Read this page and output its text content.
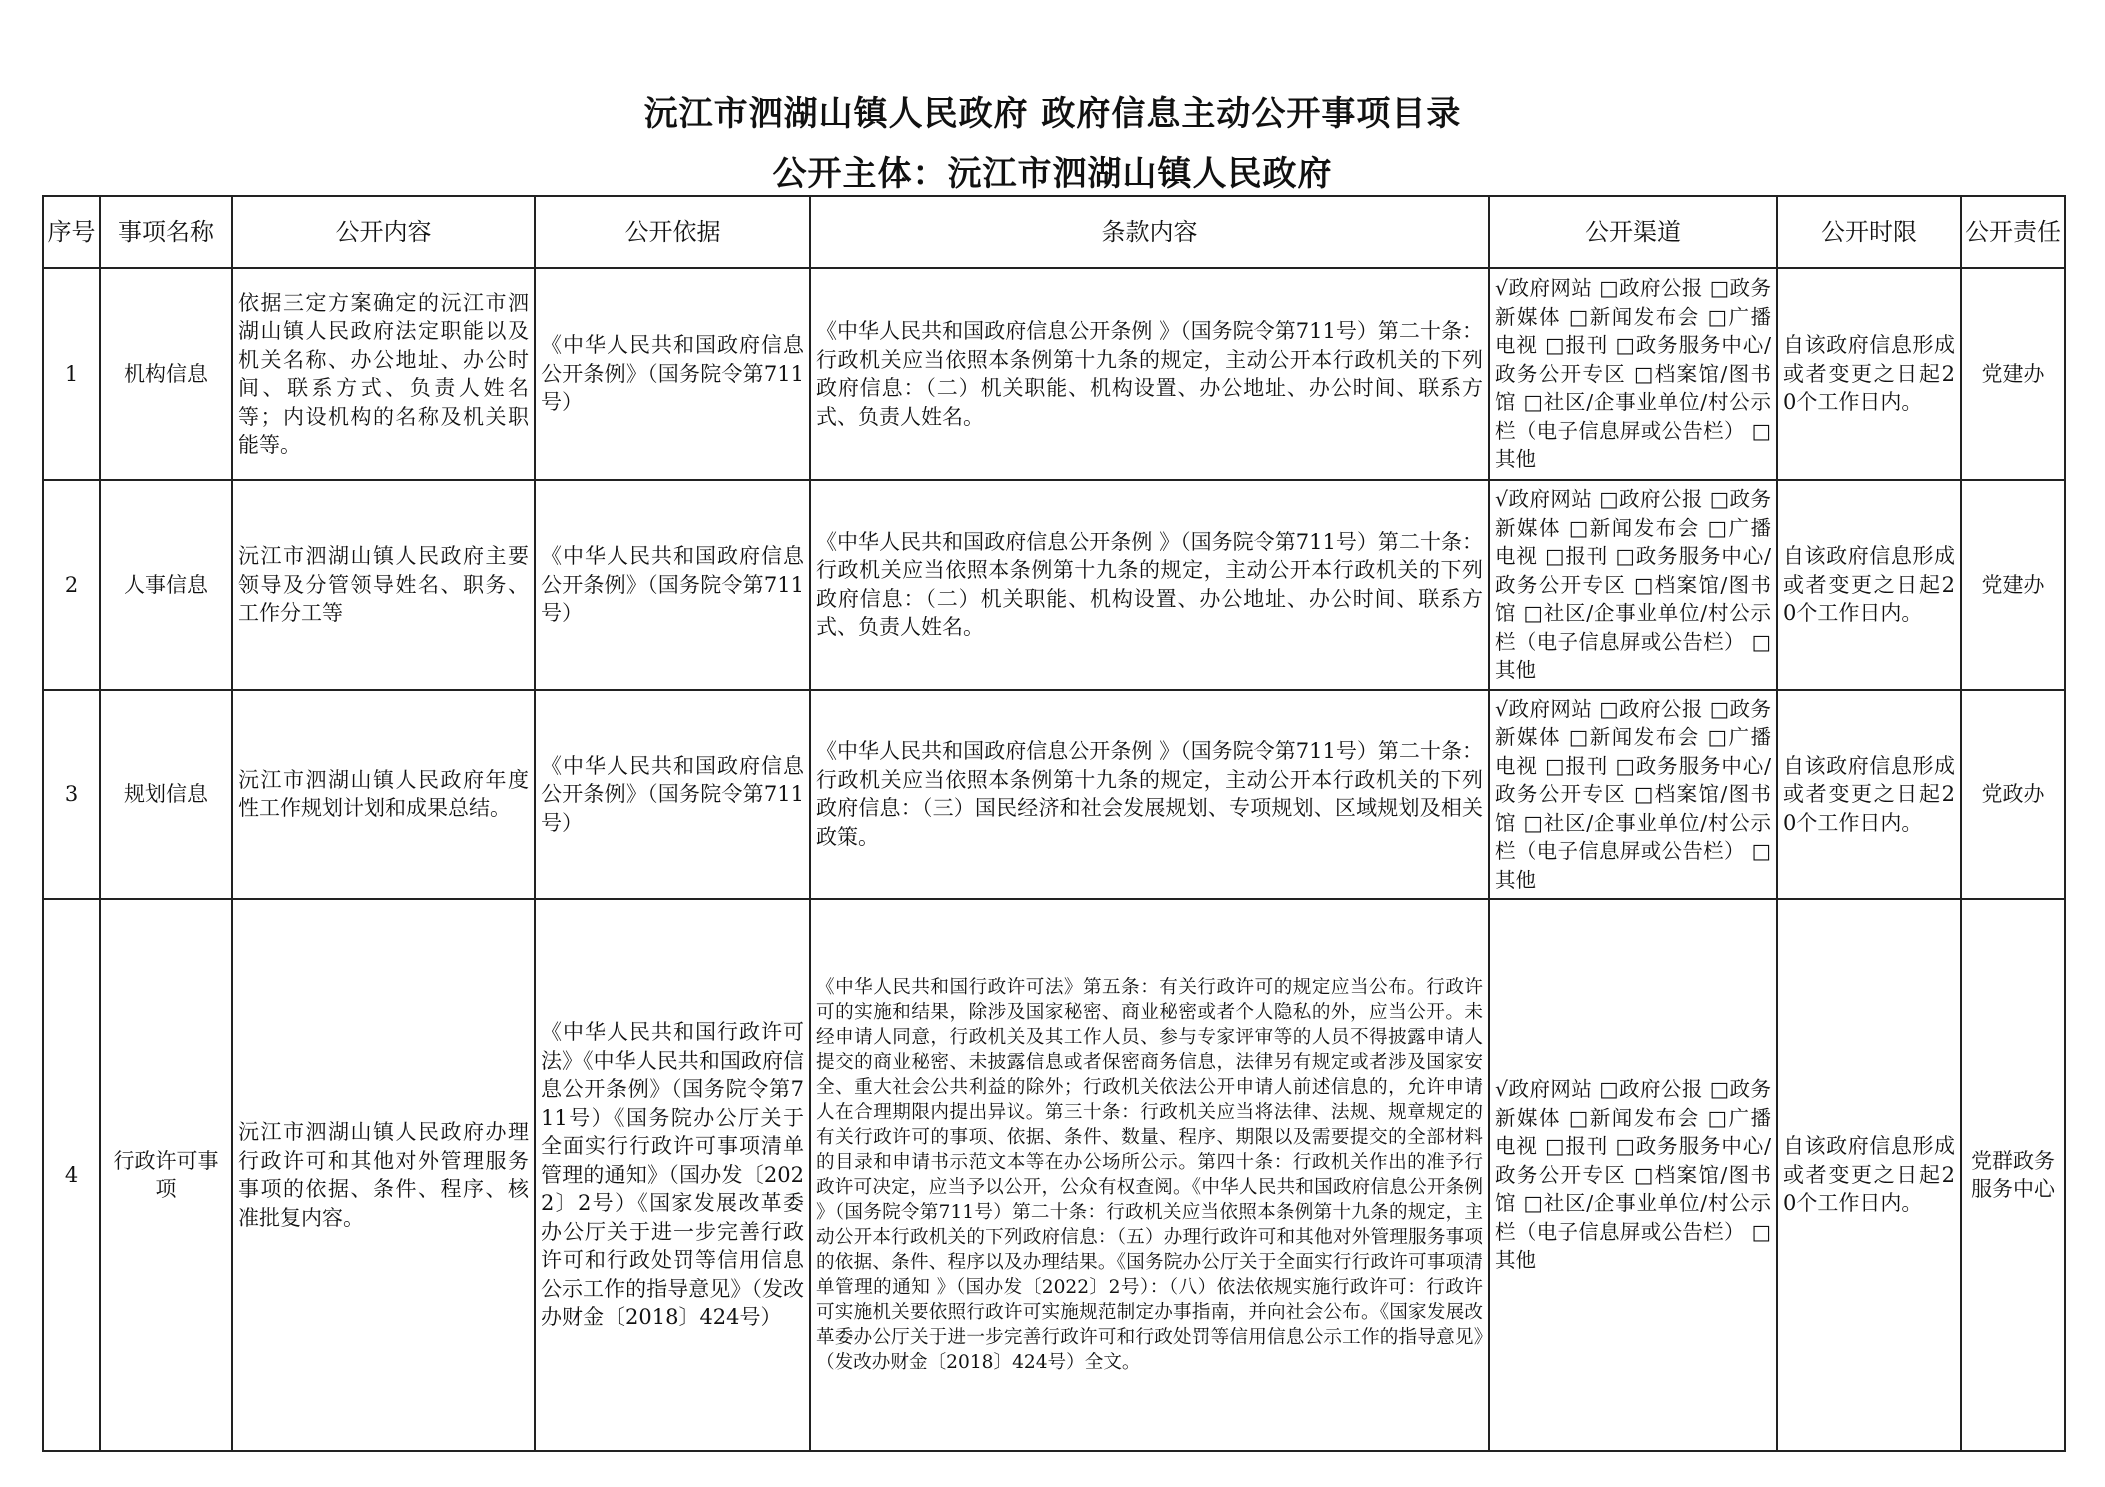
沅江市泗湖山镇人民政府 政府信息主动公开事项目录
公开主体：沅江市泗湖山镇人民政府
序号	事项名称	公开内容	公开依据	条款内容	公开渠道	公开时限	公开责任
1	机构信息	依据三定方案确定的沅江市泗湖山镇人民政府法定职能以及机关名称、办公地址、办公时间、联系方式、负责人姓名等；内设机构的名称及机关职能等。	《中华人民共和国政府信息公开条例》（国务院令第711号）	《中华人民共和国政府信息公开条例 》（国务院令第711号）第二十条：行政机关应当依照本条例第十九条的规定，主动公开本行政机关的下列政府信息：（二）机关职能、机构设置、办公地址、办公时间、联系方式、负责人姓名。	√政府网站 □政府公报 □政务新媒体 □新闻发布会 □广播电视 □报刊 □政务服务中心/政务公开专区 □档案馆/图书馆 □社区/企事业单位/村公示栏（电子信息屏或公告栏） □其他	自该政府信息形成或者变更之日起20个工作日内。	党建办
2	人事信息	沅江市泗湖山镇人民政府主要领导及分管领导姓名、职务、工作分工等	《中华人民共和国政府信息公开条例》（国务院令第711号）	《中华人民共和国政府信息公开条例 》（国务院令第711号）第二十条：行政机关应当依照本条例第十九条的规定，主动公开本行政机关的下列政府信息：（二）机关职能、机构设置、办公地址、办公时间、联系方式、负责人姓名。	√政府网站 □政府公报 □政务新媒体 □新闻发布会 □广播电视 □报刊 □政务服务中心/政务公开专区 □档案馆/图书馆 □社区/企事业单位/村公示栏（电子信息屏或公告栏） □其他	自该政府信息形成或者变更之日起20个工作日内。	党建办
3	规划信息	沅江市泗湖山镇人民政府年度性工作规划计划和成果总结。	《中华人民共和国政府信息公开条例》（国务院令第711号）	《中华人民共和国政府信息公开条例 》（国务院令第711号）第二十条：行政机关应当依照本条例第十九条的规定，主动公开本行政机关的下列政府信息：（三）国民经济和社会发展规划、专项规划、区域规划及相关政策。	√政府网站 □政府公报 □政务新媒体 □新闻发布会 □广播电视 □报刊 □政务服务中心/政务公开专区 □档案馆/图书馆 □社区/企事业单位/村公示栏（电子信息屏或公告栏） □其他	自该政府信息形成或者变更之日起20个工作日内。	党政办
4	行政许可事项	沅江市泗湖山镇人民政府办理行政许可和其他对外管理服务事项的依据、条件、程序、核准批复内容。	《中华人民共和国行政许可法》《中华人民共和国政府信息公开条例》（国务院令第711号）《国务院办公厅关于全面实行行政许可事项清单管理的通知》（国办发〔2022〕2号）《国家发展改革委办公厅关于进一步完善行政许可和行政处罚等信用信息公示工作的指导意见》（发改办财金〔2018〕424号）	《中华人民共和国行政许可法》第五条：有关行政许可的规定应当公布。行政许可的实施和结果，除涉及国家秘密、商业秘密或者个人隐私的外，应当公开。未经申请人同意，行政机关及其工作人员、参与专家评审等的人员不得披露申请人提交的商业秘密、未披露信息或者保密商务信息，法律另有规定或者涉及国家安全、重大社会公共利益的除外；行政机关依法公开申请人前述信息的，允许申请人在合理期限内提出异议。第三十条：行政机关应当将法律、法规、规章规定的有关行政许可的事项、依据、条件、数量、程序、期限以及需要提交的全部材料的目录和申请书示范文本等在办公场所公示。第四十条：行政机关作出的准予行政许可决定，应当予以公开，公众有权查阅。《中华人民共和国政府信息公开条例 》（国务院令第711号）第二十条：行政机关应当依照本条例第十九条的规定，主动公开本行政机关的下列政府信息：（五）办理行政许可和其他对外管理服务事项的依据、条件、程序以及办理结果。《国务院办公厅关于全面实行行政许可事项清单管理的通知 》（国办发〔2022〕2号）：（八）依法依规实施行政许可：行政许可实施机关要依照行政许可实施规范制定办事指南，并向社会公布。《国家发展改革委办公厅关于进一步完善行政许可和行政处罚等信用信息公示工作的指导意见》（发改办财金〔2018〕424号）全文。	√政府网站 □政府公报 □政务新媒体 □新闻发布会 □广播电视 □报刊 □政务服务中心/政务公开专区 □档案馆/图书馆 □社区/企事业单位/村公示栏（电子信息屏或公告栏） □其他	自该政府信息形成或者变更之日起20个工作日内。	党群政务服务中心
